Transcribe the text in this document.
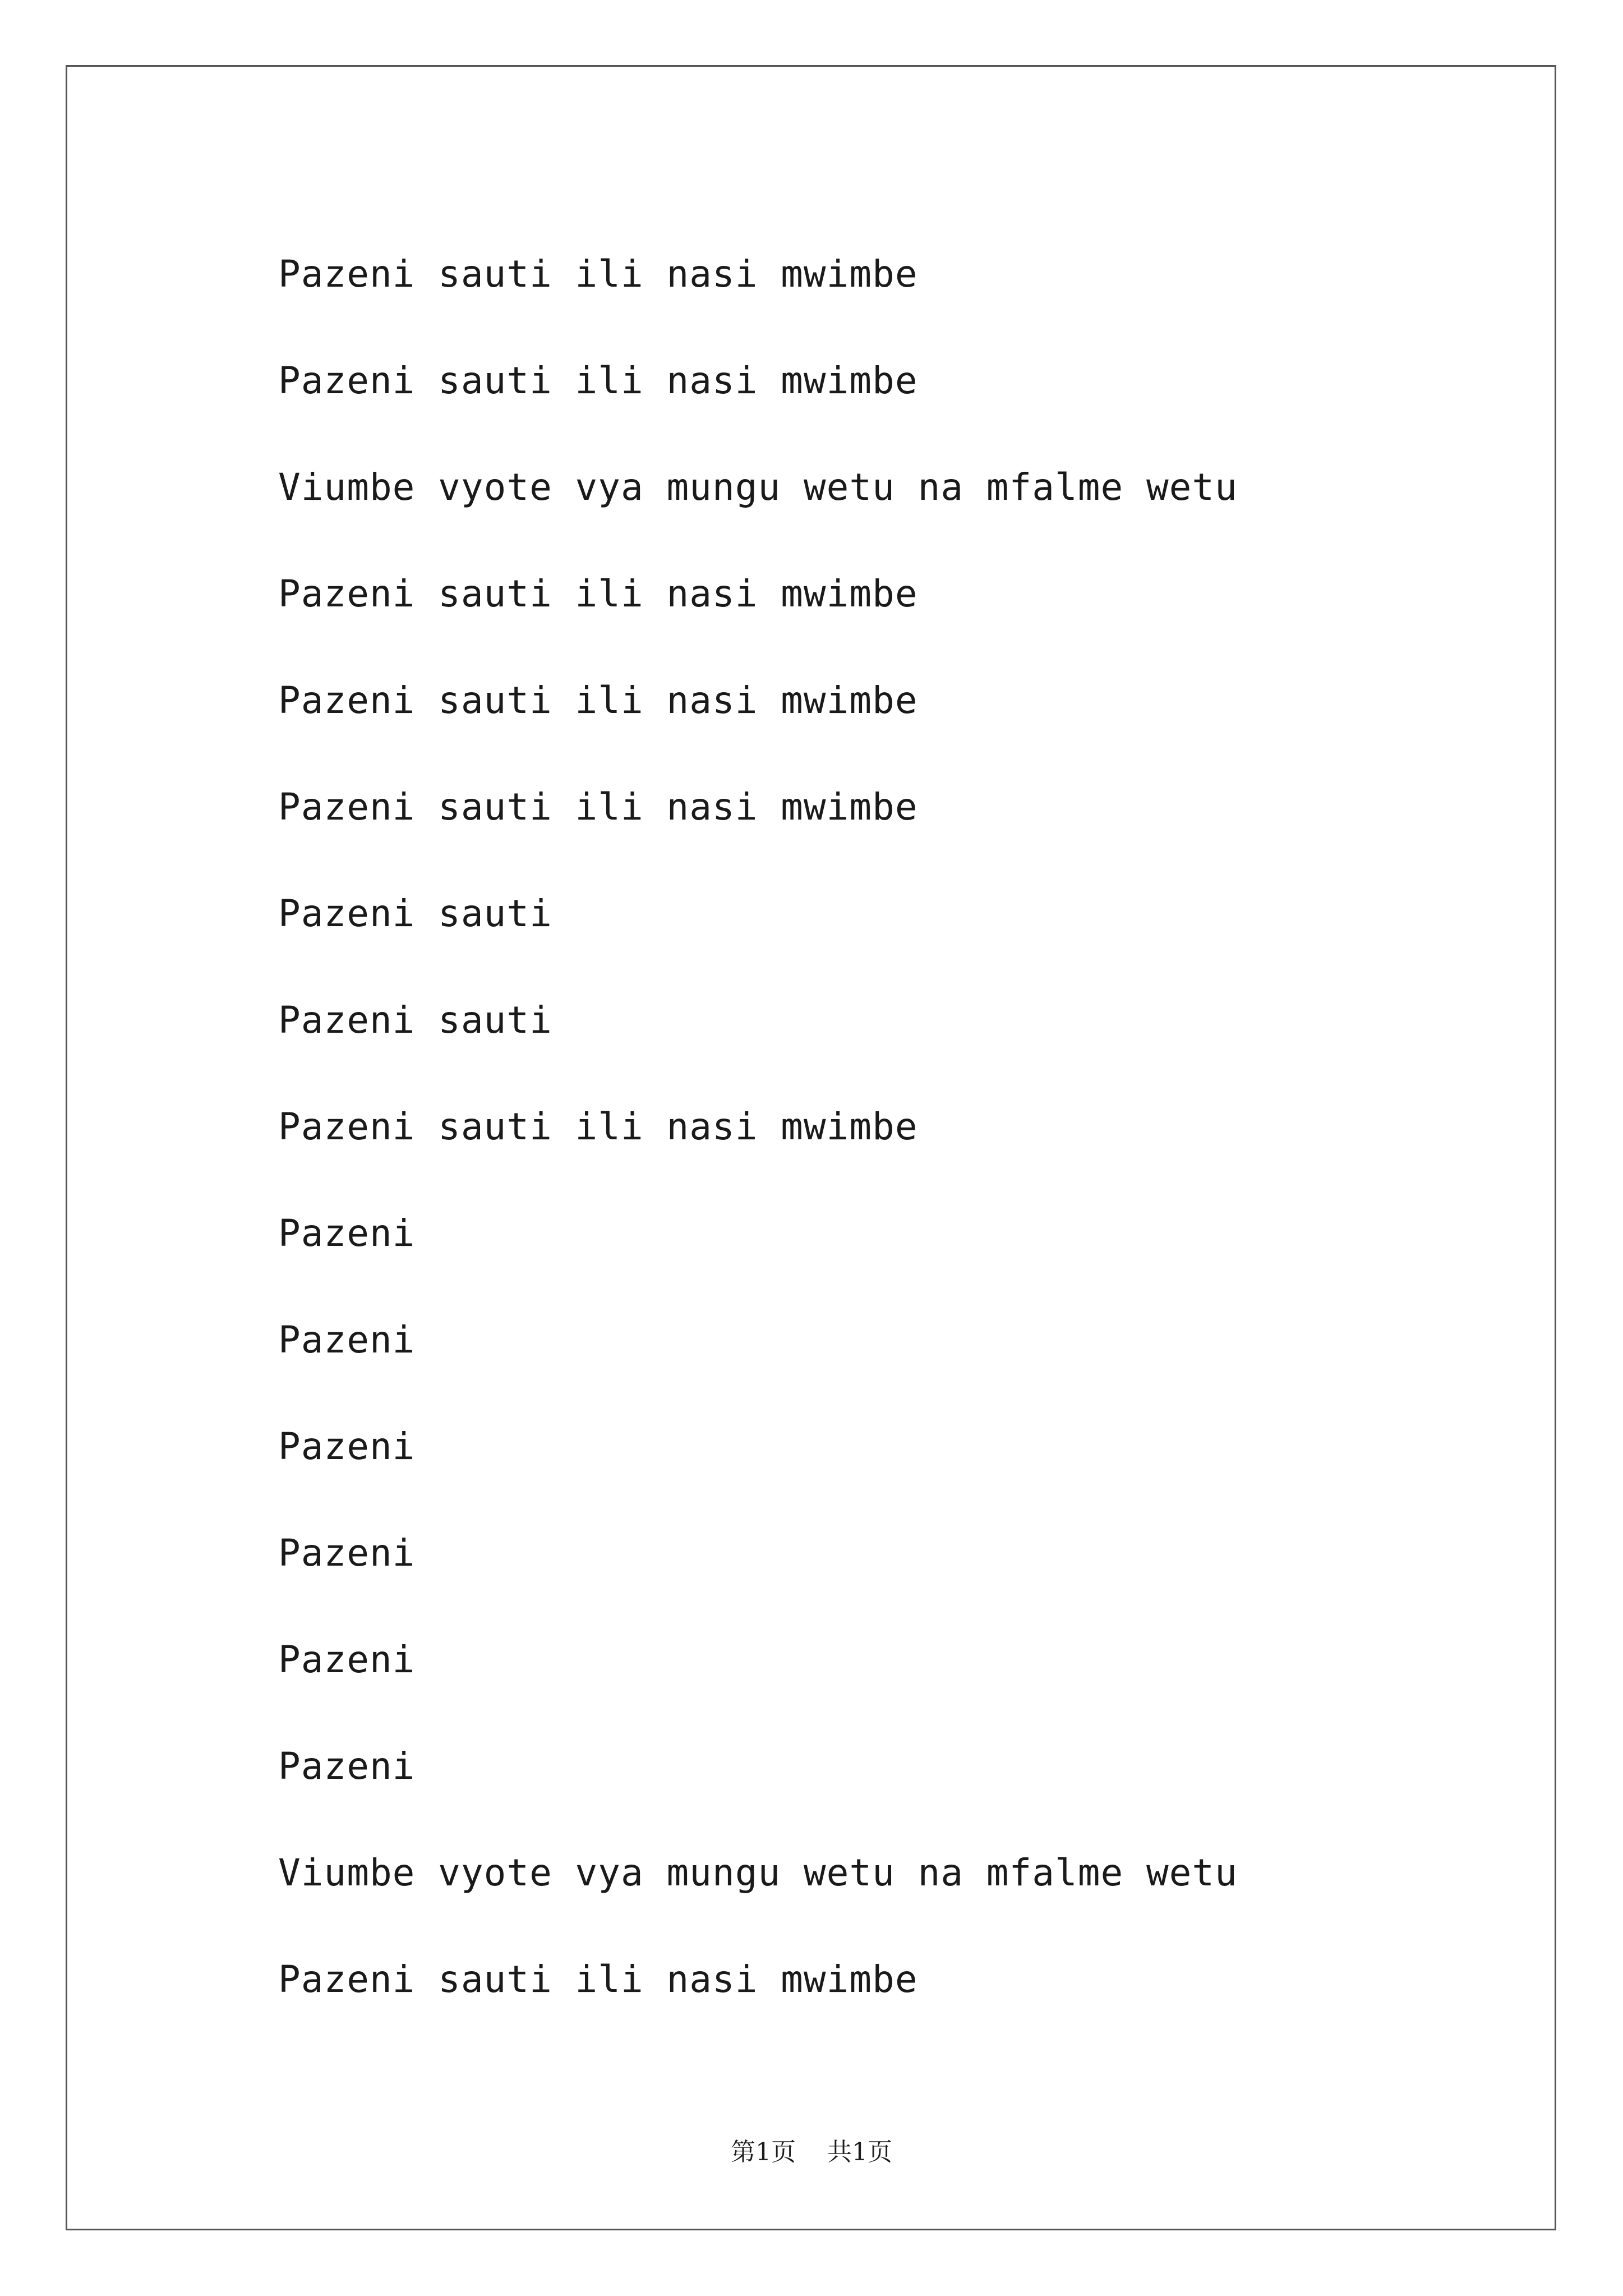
Pazeni sauti ili nasi mwimbe
Pazeni sauti ili nasi mwimbe
Viumbe vyote vya mungu wetu na mfalme wetu
Pazeni sauti ili nasi mwimbe
Pazeni sauti ili nasi mwimbe
Pazeni sauti ili nasi mwimbe
Pazeni sauti
Pazeni sauti
Pazeni sauti ili nasi mwimbe
Pazeni
Pazeni
Pazeni
Pazeni
Pazeni
Pazeni
Viumbe vyote vya mungu wetu na mfalme wetu
Pazeni sauti ili nasi mwimbe
第1页 共1页
